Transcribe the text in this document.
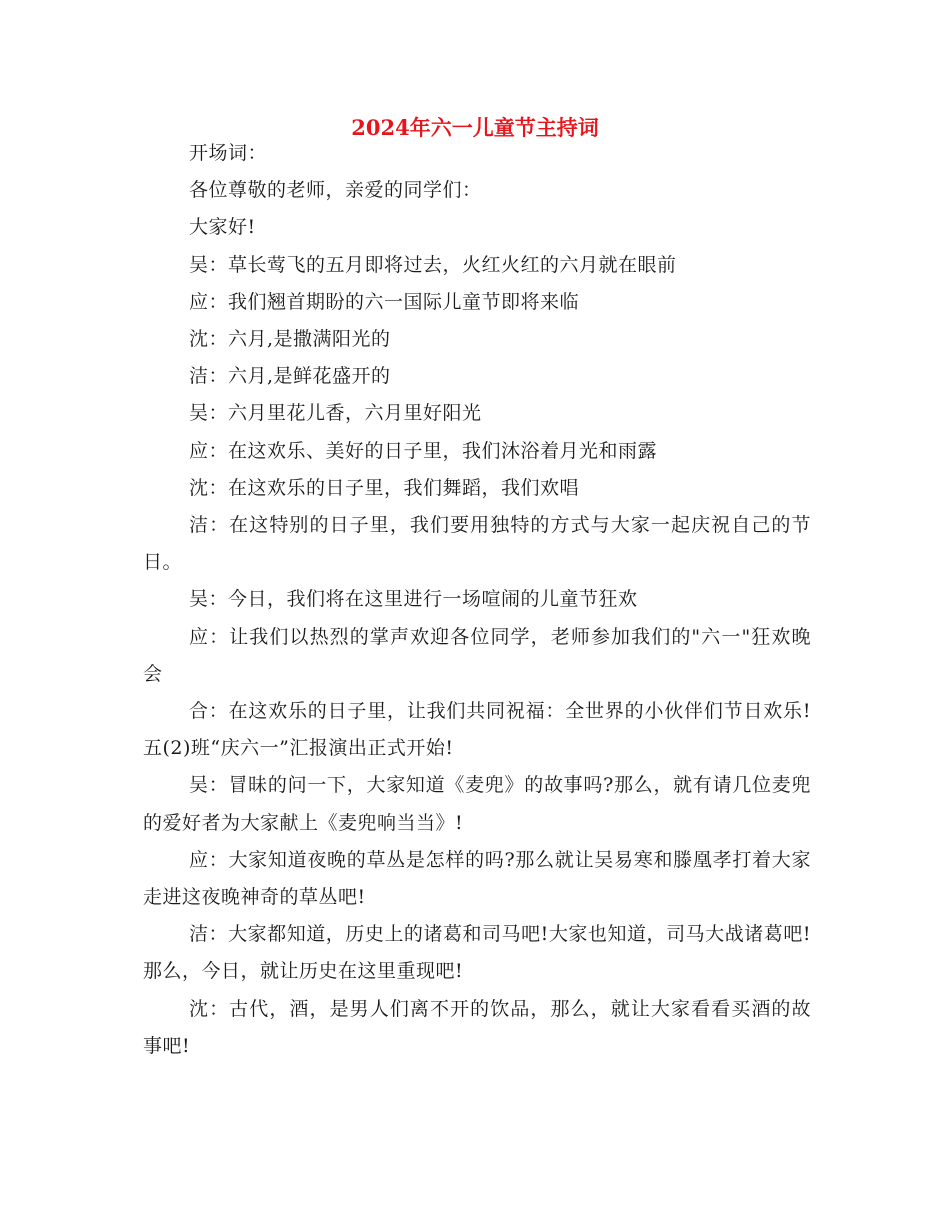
2024年六一儿童节主持词

开场词：

各位尊敬的老师，亲爱的同学们：

大家好!

吴：草长莺飞的五月即将过去，火红火红的六月就在眼前

应：我们翘首期盼的六一国际儿童节即将来临

沈：六月,是撒满阳光的

洁：六月,是鲜花盛开的

吴：六月里花儿香，六月里好阳光

应：在这欢乐、美好的日子里，我们沐浴着月光和雨露

沈：在这欢乐的日子里，我们舞蹈，我们欢唱

洁：在这特别的日子里，我们要用独特的方式与大家一起庆祝自己的节日。

吴：今日，我们将在这里进行一场喧闹的儿童节狂欢

应：让我们以热烈的掌声欢迎各位同学，老师参加我们的"六一"狂欢晚会

合：在这欢乐的日子里，让我们共同祝福：全世界的小伙伴们节日欢乐! 五(2)班“庆六一”汇报演出正式开始!

吴：冒昧的问一下，大家知道《麦兜》的故事吗?那么，就有请几位麦兜的爱好者为大家献上《麦兜响当当》!

应：大家知道夜晚的草丛是怎样的吗?那么就让吴易寒和滕凰孝打着大家走进这夜晚神奇的草丛吧!

洁：大家都知道，历史上的诸葛和司马吧!大家也知道，司马大战诸葛吧!那么，今日，就让历史在这里重现吧!

沈：古代，酒，是男人们离不开的饮品，那么，就让大家看看买酒的故事吧!
